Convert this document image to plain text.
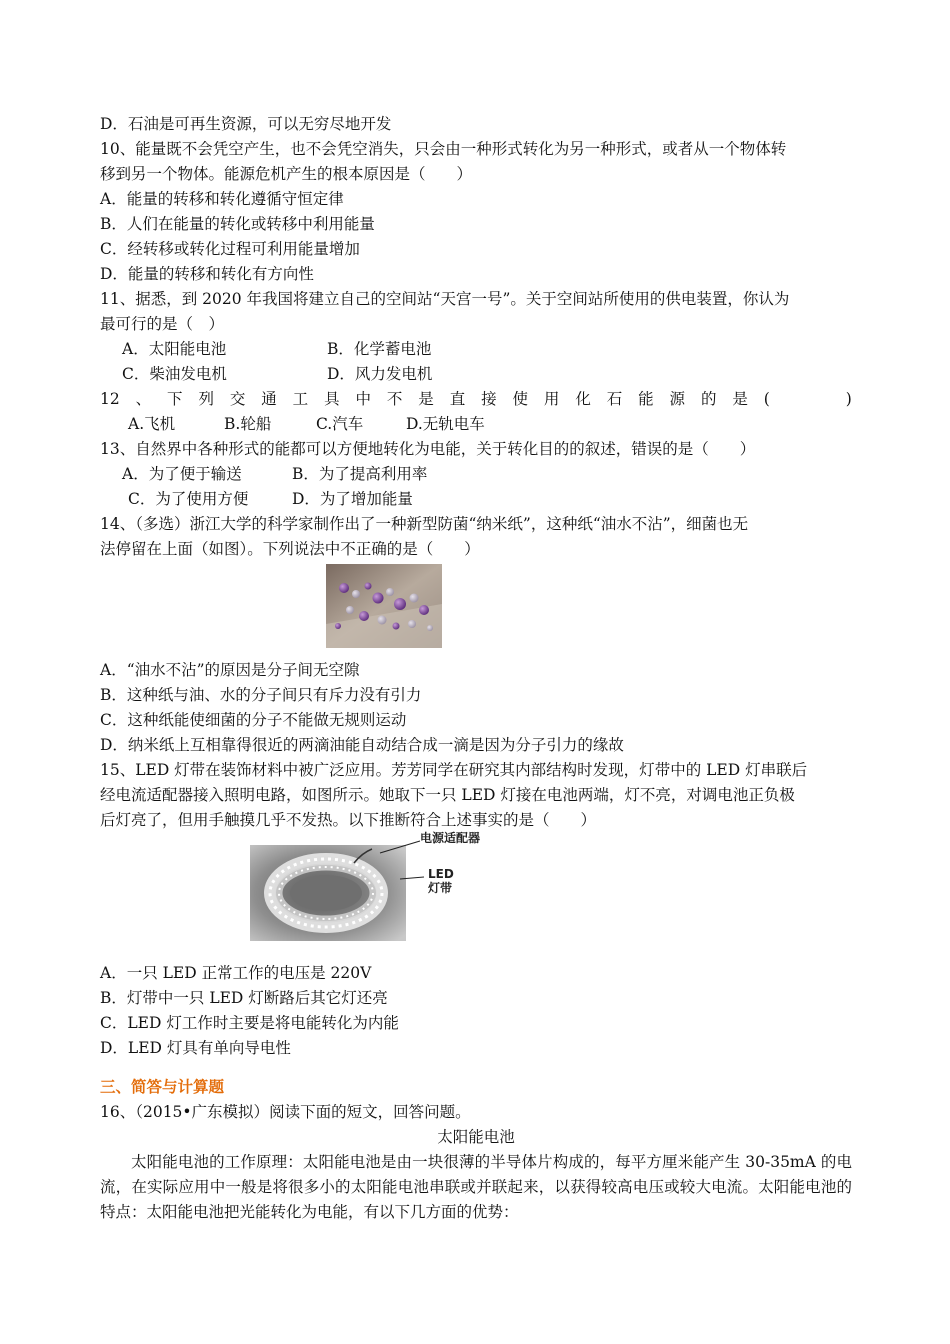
D．石油是可再生资源，可以无穷尽地开发
10、能量既不会凭空产生，也不会凭空消失，只会由一种形式转化为另一种形式，或者从一个物体转
移到另一个物体。能源危机产生的根本原因是（　　）
A．能量的转移和转化遵循守恒定律
B．人们在能量的转化或转移中利用能量
C．经转移或转化过程可利用能量增加
D．能量的转移和转化有方向性
11、据悉，到 2020 年我国将建立自己的空间站“天宫一号”。关于空间站所使用的供电装置，你认为
最可行的是（　）
A．太阳能电池	B．化学蓄电池
C．柴油发电机	D．风力发电机
12 、 下 列 交 通 工 具 中 不 是 直 接 使 用 化 石 能 源 的 是 (	)
A.飞机	B.轮船	C.汽车	D.无轨电车
13、自然界中各种形式的能都可以方便地转化为电能，关于转化目的的叙述，错误的是（　　）
A．为了便于输送	B．为了提高利用率
C．为了使用方便	D．为了增加能量
14、（多选）浙江大学的科学家制作出了一种新型防菌“纳米纸”，这种纸“油水不沾”，细菌也无
法停留在上面（如图）。下列说法中不正确的是（　　）
A．“油水不沾”的原因是分子间无空隙
B．这种纸与油、水的分子间只有斥力没有引力
C．这种纸能使细菌的分子不能做无规则运动
D．纳米纸上互相靠得很近的两滴油能自动结合成一滴是因为分子引力的缘故
15、LED 灯带在装饰材料中被广泛应用。芳芳同学在研究其内部结构时发现，灯带中的 LED 灯串联后
经电流适配器接入照明电路，如图所示。她取下一只 LED 灯接在电池两端，灯不亮，对调电池正负极
后灯亮了，但用手触摸几乎不发热。以下推断符合上述事实的是（　　）
电源适配器
LED
灯带
A．一只 LED 正常工作的电压是 220V
B．灯带中一只 LED 灯断路后其它灯还亮
C．LED 灯工作时主要是将电能转化为内能
D．LED 灯具有单向导电性
三、简答与计算题
16、（2015•广东模拟）阅读下面的短文，回答问题。
太阳能电池
太阳能电池的工作原理：太阳能电池是由一块很薄的半导体片构成的，每平方厘米能产生 30-35mA 的电流，在实际应用中一般是将很多小的太阳能电池串联或并联起来，以获得较高电压或较大电流。太阳能电池的特点：太阳能电池把光能转化为电能，有以下几方面的优势：
